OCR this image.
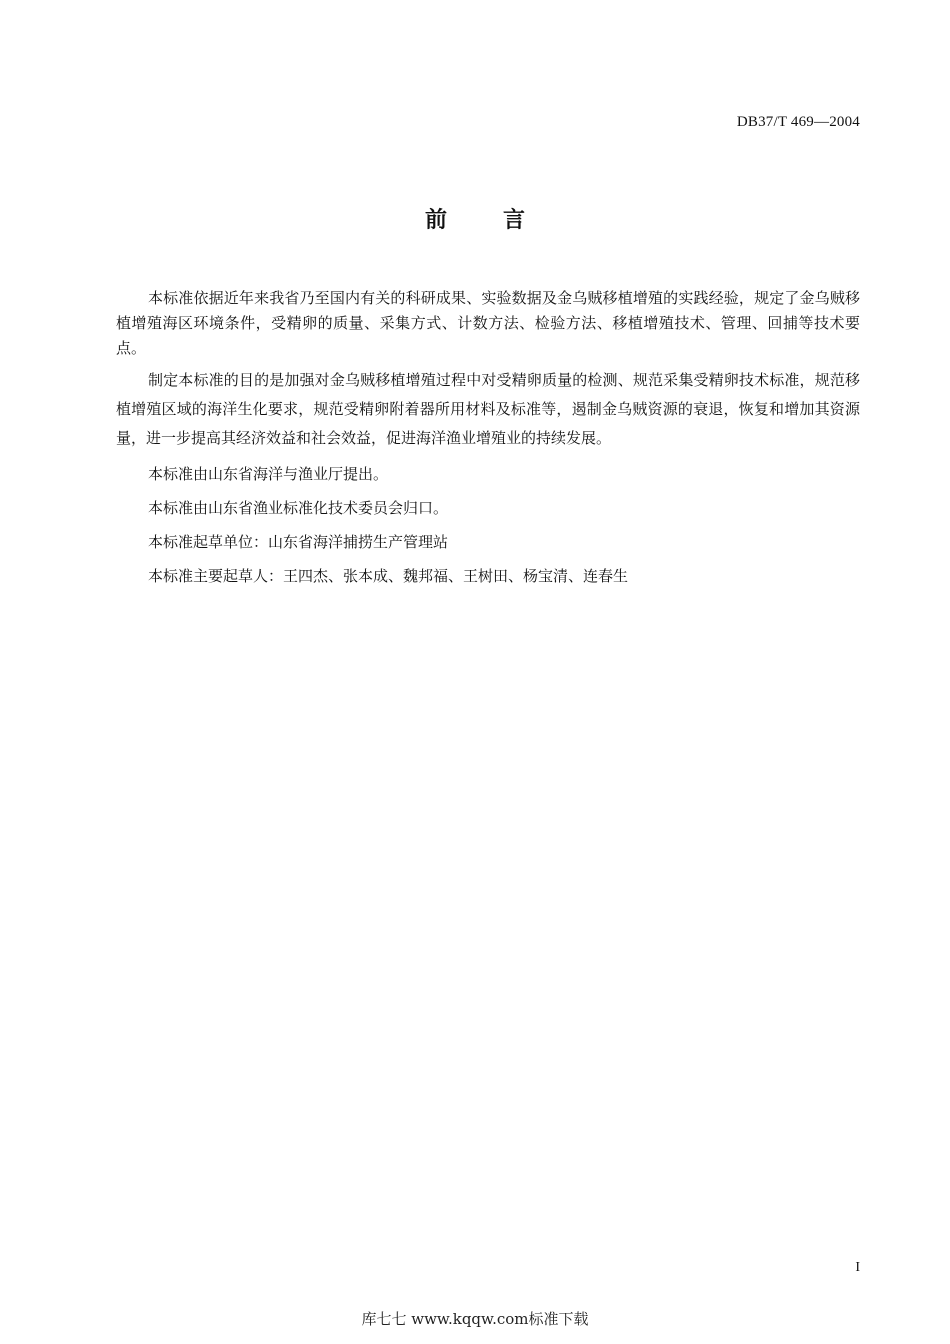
DB37/T 469—2004
前	言

本标准依据近年来我省乃至国内有关的科研成果、实验数据及金乌贼移植增殖的实践经验，规定了金乌贼移植增殖海区环境条件，受精卵的质量、采集方式、计数方法、检验方法、移植增殖技术、管理、回捕等技术要点。

制定本标准的目的是加强对金乌贼移植增殖过程中对受精卵质量的检测、规范采集受精卵技术标准，规范移植增殖区域的海洋生化要求，规范受精卵附着器所用材料及标准等，遏制金乌贼资源的衰退，恢复和增加其资源量，进一步提高其经济效益和社会效益，促进海洋渔业增殖业的持续发展。

本标准由山东省海洋与渔业厅提出。

本标准由山东省渔业标准化技术委员会归口。

本标准起草单位：山东省海洋捕捞生产管理站

本标准主要起草人：王四杰、张本成、魏邦福、王树田、杨宝清、连春生

I
库七七 www.kqqw.com标准下载
